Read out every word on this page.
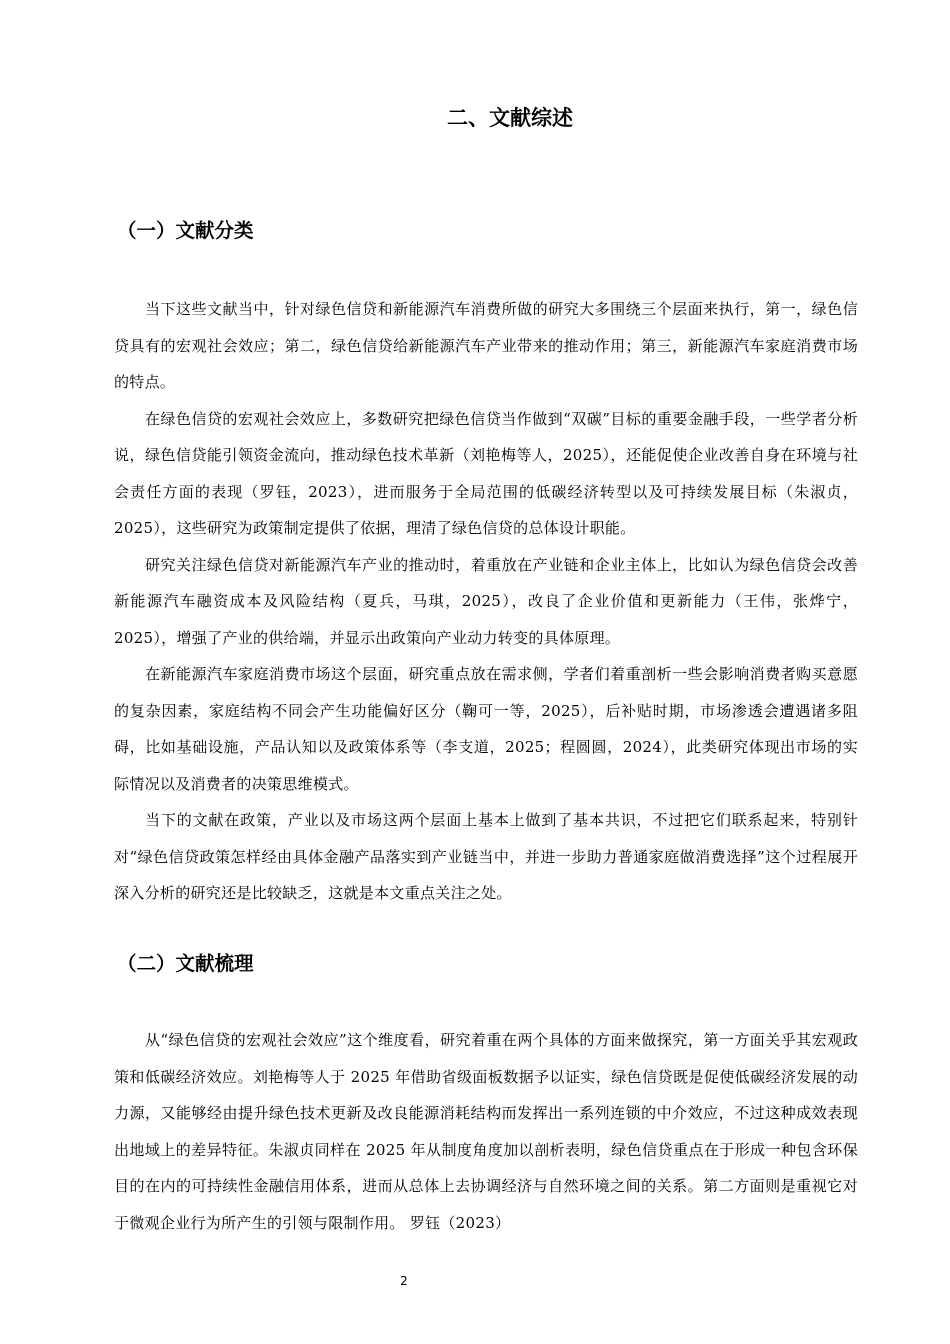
二、文献综述
（一）文献分类

当下这些文献当中，针对绿色信贷和新能源汽车消费所做的研究大多围绕三个层面来执行，第一，绿色信贷具有的宏观社会效应；第二，绿色信贷给新能源汽车产业带来的推动作用；第三，新能源汽车家庭消费市场的特点。

在绿色信贷的宏观社会效应上，多数研究把绿色信贷当作做到“双碳”目标的重要金融手段，一些学者分析说，绿色信贷能引领资金流向，推动绿色技术革新（刘艳梅等人，2025），还能促使企业改善自身在环境与社会责任方面的表现（罗钰，2023），进而服务于全局范围的低碳经济转型以及可持续发展目标（朱淑贞，2025），这些研究为政策制定提供了依据，理清了绿色信贷的总体设计职能。

研究关注绿色信贷对新能源汽车产业的推动时，着重放在产业链和企业主体上，比如认为绿色信贷会改善新能源汽车融资成本及风险结构（夏兵，马琪，2025），改良了企业价值和更新能力（王伟，张烨宁，2025），增强了产业的供给端，并显示出政策向产业动力转变的具体原理。

在新能源汽车家庭消费市场这个层面，研究重点放在需求侧，学者们着重剖析一些会影响消费者购买意愿的复杂因素，家庭结构不同会产生功能偏好区分（鞠可一等，2025），后补贴时期，市场渗透会遭遇诸多阻碍，比如基础设施，产品认知以及政策体系等（李支道，2025；程圆圆，2024），此类研究体现出市场的实际情况以及消费者的决策思维模式。

当下的文献在政策，产业以及市场这两个层面上基本上做到了基本共识，不过把它们联系起来，特别针对“绿色信贷政策怎样经由具体金融产品落实到产业链当中，并进一步助力普通家庭做消费选择”这个过程展开深入分析的研究还是比较缺乏，这就是本文重点关注之处。

（二）文献梳理

从“绿色信贷的宏观社会效应”这个维度看，研究着重在两个具体的方面来做探究，第一方面关乎其宏观政策和低碳经济效应。刘艳梅等人于 2025 年借助省级面板数据予以证实，绿色信贷既是促使低碳经济发展的动力源，又能够经由提升绿色技术更新及改良能源消耗结构而发挥出一系列连锁的中介效应，不过这种成效表现出地域上的差异特征。朱淑贞同样在 2025 年从制度角度加以剖析表明，绿色信贷重点在于形成一种包含环保目的在内的可持续性金融信用体系，进而从总体上去协调经济与自然环境之间的关系。第二方面则是重视它对于微观企业行为所产生的引领与限制作用。 罗钰（2023）

2
